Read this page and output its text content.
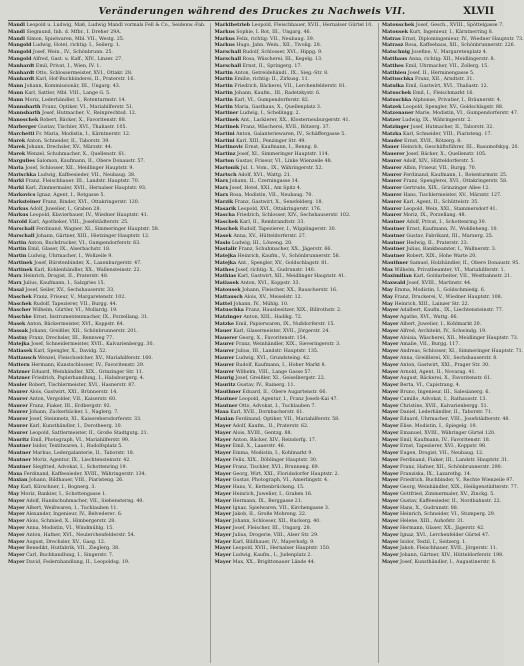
Veränderungen während des Druckes zu Nachweis VII.	XLVII
Mandl Leopold u. Ludwig, Maß, Ludwig Mandl vormals Fell & Co., Seidenw.-Fab.
Mandl Siegmund, Inh. d. Mfbr., I. Dreher 29A.
Mandl Simon, Spielwaren, Mbl. VII., Westg. 25.
Mangold Ludwig, Hotel, richtig: I., Seilerg. 1.
Mangold Josef, Wein., IV., Schönbrunn. 25.
Mangold Alfred, Gast. u. Kaff., XIV., Linzer. 27.
Manhardt Emil, Privat, I., Wien, IV. 1.
Manhardt Otto, Schlossermeister, XVI., Ottakr. 28.
Manhardt Karl, Hof-Buchbinderei, II., Praterstr. 16.
Mann Johann, Kommissionär, III., Ungarg. 43.
Mann Karl, Sattler, Mbl. VIII., Lange G. 5.
Mann Moriz, Lederhändler, I., Rotenturmstr. 14.
Mannsbarth Franz, Optiker, VI., Mariahilferstr. 51.
Mannsbarth Josef, Hutmacher, V., Reinprechtsd. 12.
Manoschek Robert, Bäcker, X., Favoritenstr. 88.
Marberger Gustav, Tischler, XVI., Thaliastr. 105.
Marchetti Fr. Maria, Modistin, I., Kärntnerstr. 12.
Marek Anton, Schneider, II., Taborstr. 39.
Marek Johann, Drechsler, XV., Märzstr. 44.
Marek Wenzel, Schuhmacher, X., Quellenstr. 61.
Margulies Salomon, Kaufmann, II., Obere Donaustr. 57.
Maria Josef, Schlosser, XII., Meidlinger Hauptstr. 9.
Marischka Ludwig, Kaffeesieder, VII., Neubaug. 38.
Markl Franz, Fleischhauer, III., Landstr. Hauptstr. 70.
Markl Karl, Zimmermaler, XVII., Hernalser Hauptstr. 93.
Markovics Ignaz, Agent, I., Rotgasse 5.
Marksteiner Franz, Binder, XVI., Ottakringerstr. 120.
Markus Adolf, Juwelier, I., Graben 28.
Markus Leopold, Klavierbauer, IV., Wiedner Hauptstr. 41.
Marold Karl, Apotheker, VIII., Josefstädterstr. 25.
Marschall Ferdinand, Wagner, XI., Simmeringer Hauptstr. 58.
Marschall Johann, Gärtner, XIII., Hietzinger Hauptstr. 12.
Martin Anton, Buchdrucker, VI., Gumpendorferstr. 63.
Martin Emil, Glaser, IX., Alserbachstr. 18.
Martin Ludwig, Uhrmacher, I., Wollzeile 9.
Martinek Josef, Bürstenbinder, X., Laxenburgerstr. 47.
Martinek Karl, Kohlenhändler, XX., Wallensteinstr. 22.
Marx Heinrich, Drogist, II., Praterstr. 48.
Marx Julius, Kaufmann, I., Salzgries 15.
Masal Josef, Seiler, XV., Sechshauserstr. 33.
Maschek Franz, Friseur, V., Margaretenstr. 102.
Maschek Rudolf, Tapezierer, VII., Burgg. 44.
Mascher Wilhelm, Gürtler, VI., Mollardg. 19.
Maschke Ernst, Instrumentenmacher, IX., Porzellang. 31.
Masek Anton, Bäckermeister, XVI., Koppstr. 64.
Massak Johann, Greißler, XII., Schönbrunnerstr. 201.
Mastny Franz, Drechsler, III., Rennweg 77.
Matejka Josef, Schneidermeister, XVII., Kalvarienbergg. 30.
Matiasek Karl, Spengler, X., Davidg. 52.
Mattausch Wenzel, Fleischselcher, XV., Mariahilferstr. 160.
Mattern Hermann, Kunstschlosser, IV., Favoritenstr. 29.
Matzner Eduard, Weinhändler, XIX., Grinzinger Str. 11.
Matzner Friedrich, Papierhandlung, I., Habsburgerg. 4.
Mauler Robert, Tischlermeister, XVI., Hasnerstr. 87.
Maurer Alois, Gastwirt, XXI., Brünnerstr. 14.
Maurer Anton, Vergolder, VII., Kaiserstr. 60.
Maurer Franz, Fiaker, III., Erdbergstr. 92.
Maurer Johann, Zuckerbäcker, I., Naglerg. 7.
Maurer Josef, Steinmetz, XI., Kaiserebersdorferstr. 33.
Maurer Karl, Kunsthändler, I., Dorotheerg. 10.
Maurer Leopold, Sattlermeister, II., Große Stadtgutg. 21.
Mauritz Emil, Photograph, VI., Mariahilferstr. 99.
Mautner Isidor, Textilwaren, I., Rudolfsplatz 5.
Mautner Markus, Ledergalanterie, II., Taborstr. 18.
Mautner Moriz, Agentur, IX., Liechtensteinstr. 42.
Mautner Siegfried, Advokat, I., Schottenring 19.
Maxa Ferdinand, Kaffeesieder, XVIII., Währingerstr. 134.
Maxian Johann, Bildhauer, VIII., Piaristeng. 26.
May Karl, Kürschner, I., Bognerg. 3.
May Moriz, Bankier, I., Schottengasse 1.
Mayer Adolf, Handschuhmacher, VII., Siebensterng. 40.
Mayer Albert, Weißwaren, I., Tuchlauben 11.
Mayer Alexander, Ingenieur, IV., Belvederег. 6.
Mayer Alois, Schmied, X., Himbergerstr. 28.
Mayer Anna, Modistin, VI., Windmühlg. 15.
Mayer Anton, Hafner, XVI., Neulerchenfelderstr. 54.
Mayer August, Drechsler, XV., Gasg. 12.
Mayer Benedikt, Hutfabrik, VII., Zieglerg. 38.
Mayer Carl, Buchhandlung, I., Singerstr. 7.
Mayer David, Federnhandlung, II., Leopoldsg. 19.
Marktbetrieb Leopold, Fleischhauer, XVII., Hernalser Gürtel 10.
Markus Sophie, I. Rot, III., Ungarg. 46.
Markus Felix, richtig: VII., Neubaug. 39.
Markus Hugo, Jahn. Wein., XII., Tivolig. 28.
Marschall Rudolf, Schlosser, XVI., Hippg. 9.
Marschall Rosa, Wäscherei, III., Kegelg. 13.
Marschall Ernst, II., Springerg. 17.
Martin Anton, Getreidehändl., IX., Sieg.-Str. 8.
Martin Emilie, richtig: II., Zirkusg. 11.
Martin Friedrich, Bäckerei, VII., Lerchenfelderstr. 81.
Martin Johann, Kaufm., III., Radetzkystr. 6.
Martin Karl, VI., Gumpendorferstr. 82.
Martin Maria, Gasthaus, X., Quellenplatz 3.
Martiner Ludwig, I., Schellingg. 2.
Martinek Ant., Lackierer, XX., Klosterneuburgerstr. 41.
Martinek Franz, Wäscherei, XVII., Rötzerg. 37.
Martini Anton, Galanteriewaren, IV., Schäffergasse 5.
Martini Karl, XIII., Penzinger Str. 49.
Martinovic Ernst, Kaufmann, I., Renng. 8.
Martinz Josef, XI., Simmeringer Hauptstr. 114.
Marton Gustav, Friseur, VI., Linke Wienzeile 48.
Martonik Jul. 1. Vom., IX., Währingerstr. 52.
Martsch Adolf, XVI., Wattg. 21.
Marx Johann, II., Czerningasse 14.
Marx Josef, Hotel, XXI., Am Spitz 4.
Marx Rosa, Modistin, VII., Neubaug. 70.
Marzik Franz, Gastwirt, X., Senefelderg. 18.
Masarik Leopold, XVI., Ottakringerstr. 176.
Mascha Friedrich, Schlosser, XIV., Sechshauserstr. 102.
Maschek Karl, II., Rembrandtstr. 33.
Maschek Rudolf, Tapezierer, I., Wipplingerstr. 30.
Masek Anna, XV., Hütteldorferstr. 27.
Maslo Ludwig, III., Löweng. 20.
Mastalir Franz, Schuhmacher, XX., Jägerstr. 66.
Matejka Heinrich, Kaufm., V., Schönbrunnerstr. 56.
Matejka Ant., Spengler, XV., Goldschlagstr. 81.
Mathes Josef, richtig: X., Gudrunstr. 140.
Mathias Karl, Gastwirt, XII., Meidlinger Hauptstr. 41.
Matiasek Anton, XVI., Koppstr. 33.
Matousek Johann, Fleischer, XX., Rauscherstr. 16.
Mattausch Alois, XV., Meiselstr. 12.
Mattel Johann, IV., Mühlg. 10.
Matuschka Franz, Hausbesitzer, XIX., Billrothstr. 2.
Matzinger Anton, XIII., Hadikg. 72.
Matzke Emil, Papierwaren, IX., Nußdorferstr. 15.
Mauer Karl, Glasermeister, XVII., Jörgerstr. 24.
Mauerer Georg, X., Favoritenstr. 154.
Maurer Franz, Weinhändler, XIX., Sieveringerstr. 3.
Maurer Julius, III., Landstr. Hauptstr. 135.
Maurer Ludwig, XVI., Grundsteing. 42.
Maurer Rudolf, Kaufmann, I., Hoher Markt 8.
Maurer Wilhelm, VIII., Lange Gasse 57.
Maurig Josef, Greißler, XI., Geiselbergstr. 22.
Mauritz Gustav, IV., Rainerg. 11.
Mauthner Eduard, II., Obere Augartenstr. 66.
Mautner Leopold, Agentur, I., Franz Josefs-Kai 47.
Mautner Otto, Advokat, I., Tuchlauben 7.
Maxa Karl, XVII., Dornbacherstr. 61.
Maxian Ferdinand, Optiker, VII., Mariahilferstr. 58.
Mayer Adolf, Kaufm., II., Praterstr. 62.
Mayer Alois, XVIII., Gentzg. 88.
Mayer Anton, Bäcker, XIV., Reindorfg. 17.
Mayer Emil, X., Laaerstr. 46.
Mayer Emma, Modistin, I., Kohlmarkt 9.
Mayer Felix, XIX., Döblinger Hauptstr. 30.
Mayer Franz, Tischler, XVI., Brunneng. 69.
Mayer Georg, Wirt, XXI., Floridsdorfer Hauptstr. 2.
Mayer Gustav, Photograph, VI., Amerlingstr. 4.
Mayer Hans, V., Kettenbrückeng. 15.
Mayer Heinrich, Juwelier, I., Graben 16.
Mayer Hermann, IX., Berggasse 21.
Mayer Ignaz, Spielwaren, VII., Kirchengasse 3.
Mayer Jakob, II., Große Mohreng. 22.
Mayer Johann, Schlosser, XII., Ruckerg. 40.
Mayer Josef, Fleischer, III., Ungarg. 28.
Mayer Julius, Drogerie, VIII., Alser Str. 29.
Mayer Karl, Bildhauer, IV., Mayerhofg. 9.
Mayer Leopold, XVII., Hernalser Hauptstr. 150.
Mayer Ludwig, Kaufm., I., Judenplatz 2.
Mayer Max, XX., Brigittenauer Lände 44.
Matouschek Josef, Gesch., XVIII., Spöttelgasse 7.
Matousek Kurt, Ingenieur, I., Kärntnerring 8.
Matras Ernst, Diplomingenieur, IV., Wiedner Hauptstr. 73.
Matrasz Rosa, Kaffeehaus, XII., Schönbrunnerstr. 226.
Matschnig Josefine, V., Margaretenplatz 4.
Matthaus Anna, richtig: XII., Meidlingerstr. 8.
Matthes Emil, Uhrmacher, VII., Zollerg. 15.
Matthieu Josef, II., Herminengasse 5.
Mattuschka Franz, XII., Arndtstr. 31.
Matulka Emil, Gastwirt, XVI., Thaliastr. 12.
Matuschek Emil, I., Fleischmarkt 16.
Matuschka Alphonse, Privatier, I., Bräunerstr. 4.
Matzek Leopold, Spengler, XV., Goldschlagstr. 88.
Matzenauer Marie, Modistin, VI., Gumpendorferstr. 47.
Matzer Ludwig, IX., Währingerstr. 2.
Matzinger Josef, Hutmacher, II., Taborstr. 32.
Matzka Karl, Schneider, VIII., Piaristeng. 17.
Mauder Ernst, XVII., Rötzerg. 8.
Mauer Heinrich, Geschäftsführer, III., Rasumofskyg. 20.
Mauerer Josef, Bäcker, X., Quellenstr. 105.
Maurer Adolf, XIV., Hütteldorferstr. 5.
Maurer Albin, Friseur, VII., Burgg. 70.
Maurer Ferdinand, Kaufmann, I., Rotenturmstr. 25.
Maurer Franz, Spenglerei, XVI., Ottakringerstr. 58.
Maurer Gertrude, XIX., Grinzinger Allee 12.
Maurer Hans, Tischlermeister, XV., Märzstr. 127.
Maurer Karl, Agent, II., Schüttelstr. 35.
Maurer Leopold, Wein, XXI., Stammersdorf 41.
Maurer Moriz, IX., Porzellang. 48.
Mautner Adolf, Privat, I., Schottenring 30.
Mautner Ernst, Kaufmann, IV., Wohllebeng. 10.
Mautner Gustav, Fabrikant, III., Marxerg. 25.
Mautner Hedwig, II., Praterstr. 23.
Mautner Julius, Bankbeamter, I., Wallnerstr. 3.
Mautner Robert, XIX., Hohe Warte 20.
Mauthner Samuel, Holzhändler, II., Obere Donaustr. 95.
Max Wilhelm, Privatbeamter, VI., Mariahilferstr. 1.
Maximilian Karl, Goldarbeiter, VII., Westbahnstr. 21.
Maxwald Josef, XVIII., Martinstr. 44.
May Emma, Modistin, I., Goldschmiedg. 6.
May Franz, Druckerei, V., Wiedner Hauptstr. 108.
May Heinrich, XIII., Lainzer Str. 22.
Mayer Adalbert, Kaufm., IX., Liechtensteinstr. 77.
Mayer Agathe, XVI., Wattg. 66.
Mayer Albert, Juwelier, I., Kohlmarkt 20.
Mayer Alfred, Architekt, IV., Schwindg. 19.
Mayer Aloisia, Wäscherei, XII., Meidlinger Hauptstr. 73.
Mayer Amalie, VII., Burgg. 117.
Mayer Andreas, Schlosser, XI., Simmeringer Hauptstr. 71.
Mayer Anna, Greißlerei, XV., Sechshauserstr. 8.
Mayer Anton, Gastwirt, XXI., Prager Str. 30.
Mayer Arnold, Agent, II., Novarag. 41.
Mayer August, Bäckerei, X., Favoritenstr. 61.
Mayer Berta, VI., Capistrang. 4.
Mayer Bruno, Ingenieur, III., Salesianerg. 6.
Mayer Camillo, Advokat, I., Rathausstr. 13.
Mayer Christine, XVII., Kalvarienbergg. 51.
Mayer Daniel, Lederhändler, II., Taborstr. 71.
Mayer Eduard, Uhrmacher, VIII., Josefstädterstr. 48.
Mayer Elise, Modistin, I., Spiegelg. 10.
Mayer Emanuel, XVIII., Währinger Gürtel 120.
Mayer Emil, Kaufmann, IV., Favoritenstr. 18.
Mayer Ernst, Tapezierer, XVI., Koppstr. 98.
Mayer Eugen, Drogist, VII., Neubaug. 12.
Mayer Ferdinand, Fiaker, III., Landstr. Hauptstr. 31.
Mayer Franz, Hafner, XII., Schönbrunnerstr. 290.
Mayer Franziska, IX., Lazarethg. 14.
Mayer Friedrich, Buchbinder, V., Rechte Wienzeile 97.
Mayer Georg, Weinhändler, XIX., Heiligenstädterstr. 77.
Mayer Gottfried, Zimmermaler, XV., Zinckg. 5.
Mayer Gustav, Kaffeesieder, II., Nordbahnstr. 22.
Mayer Hans, X., Gudrunstr. 88.
Mayer Heinrich, Schneider, VI., Stumperg. 29.
Mayer Helene, XIII., Auhofstr. 31.
Mayer Hermann, Glaser, XX., Jägerstr. 42.
Mayer Ignaz, XVI., Lerchenfelder Gürtel 47.
Mayer Isidor, Textil, I., Seitzerg. 1.
Mayer Jakob, Fleischhauer, XVII., Jörgerstr. 11.
Mayer Johann, Gärtner, XIV., Hütteldorferstr. 198.
Mayer Josef, Kunsthändler, I., Augustinerstr. 8.
